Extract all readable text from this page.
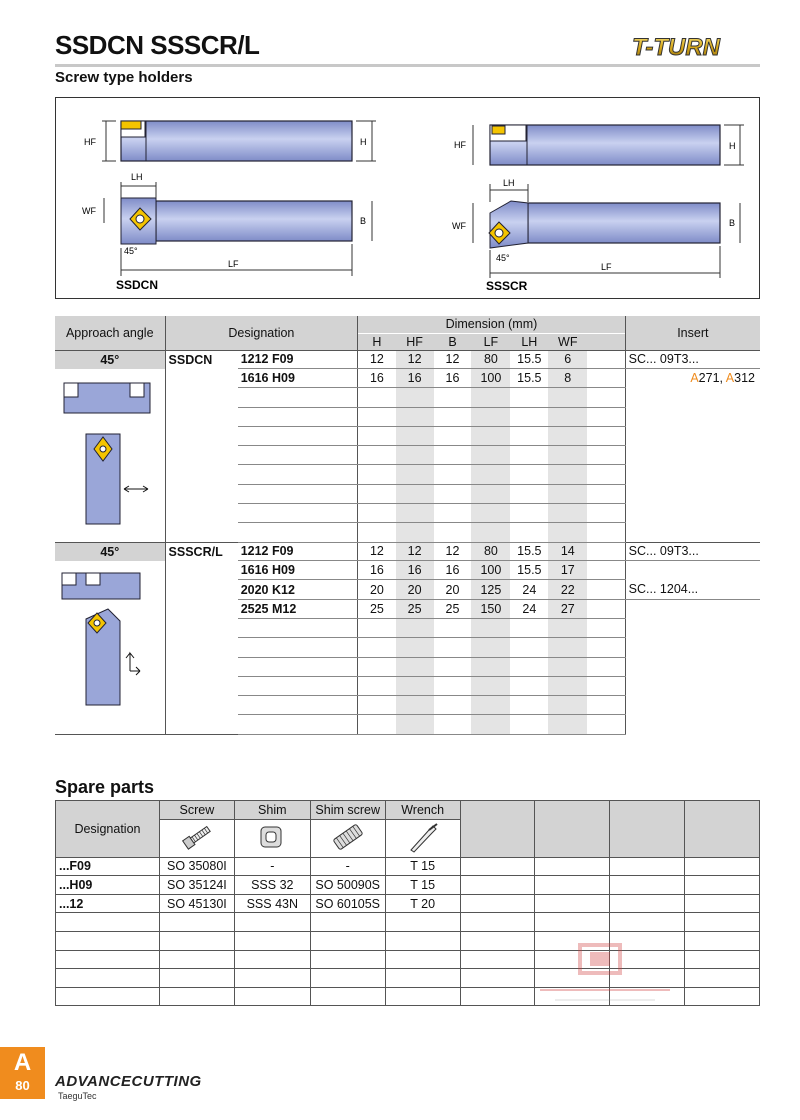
SSDCN SSSCR/L	T-TURN
Screw type holders
HF	H
LH
WF
B
45°
LF
SSDCN
HF	H
LH
WF	B
45°
LF
SSSCR
Approach angle	Designation		Dimension (mm)							Insert
			H	HF	B	LF	LH	WF		
45°	SSDCN	1212 F09	12	12	12	80	15.5	6		SC... 09T3...
		1616 H09	16	16	16	100	15.5	8		A271, A312

45°	SSSCR/L	1212 F09	12	12	12	80	15.5	14		SC... 09T3...
		1616 H09	16	16	16	100	15.5	17		
		2020 K12	20	20	20	125	24	22		SC... 1204...
		2525 M12	25	25	25	150	24	27		

Spare parts
Designation	Screw	Shim	Shim screw	Wrench				

...F09	SO 35080I	-	-	T 15				
...H09	SO 35124I	SSS 32	SO 50090S	T 15				
...12	SO 45130I	SSS 43N	SO 60105S	T 20				

A
80	ADVANCECUTTING
TaeguTec
